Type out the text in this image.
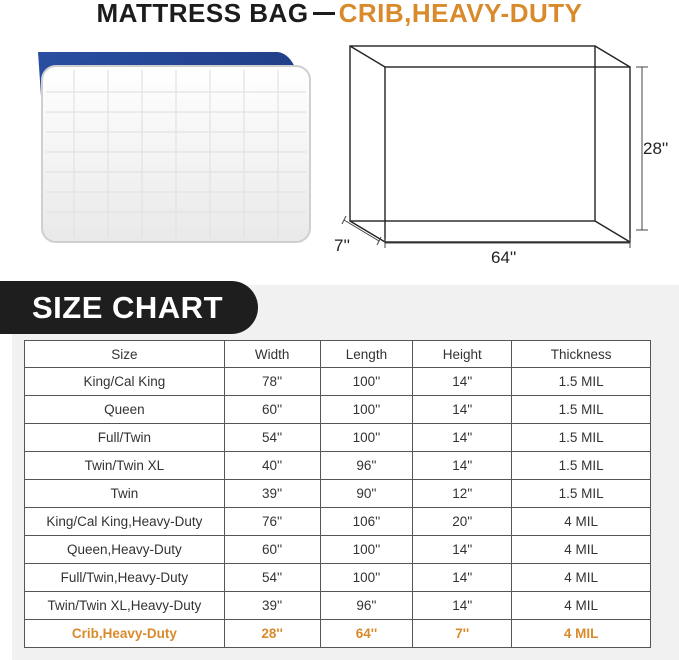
MATTRESS BAG CRIB,HEAVY-DUTY
28''
7''
64''
SIZE CHART
Size	Width	Length	Height	Thickness
King/Cal King	78''	100''	14''	1.5 MIL
Queen	60''	100''	14''	1.5 MIL
Full/Twin	54''	100''	14''	1.5 MIL
Twin/Twin XL	40''	96''	14''	1.5 MIL
Twin	39''	90''	12''	1.5 MIL
King/Cal King,Heavy-Duty	76''	106''	20''	4 MIL
Queen,Heavy-Duty	60''	100''	14''	4 MIL
Full/Twin,Heavy-Duty	54''	100''	14''	4 MIL
Twin/Twin XL,Heavy-Duty	39''	96''	14''	4 MIL
Crib,Heavy-Duty	28''	64''	7''	4 MIL
